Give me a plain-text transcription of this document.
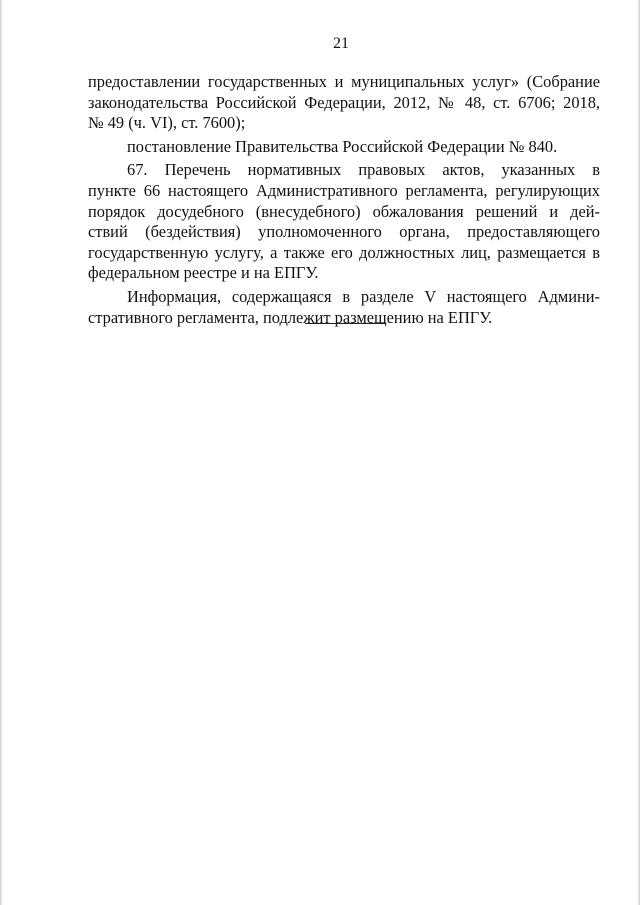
21
предоставлении государственных и муниципальных услуг» (Собрание
законодательства Российской Федерации, 2012, № 48, ст. 6706; 2018,
№ 49 (ч. VI), ст. 7600);
постановление Правительства Российской Федерации № 840.
67. Перечень нормативных правовых актов, указанных в
пункте 66 настоящего Административного регламента, регулирующих
порядок досудебного (внесудебного) обжалования решений и дей-
ствий (бездействия) уполномоченного органа, предоставляющего
государственную услугу, а также его должностных лиц, размещается в
федеральном реестре и на ЕПГУ.
Информация, содержащаяся в разделе V настоящего Админи-
стративного регламента, подлежит размещению на ЕПГУ.
